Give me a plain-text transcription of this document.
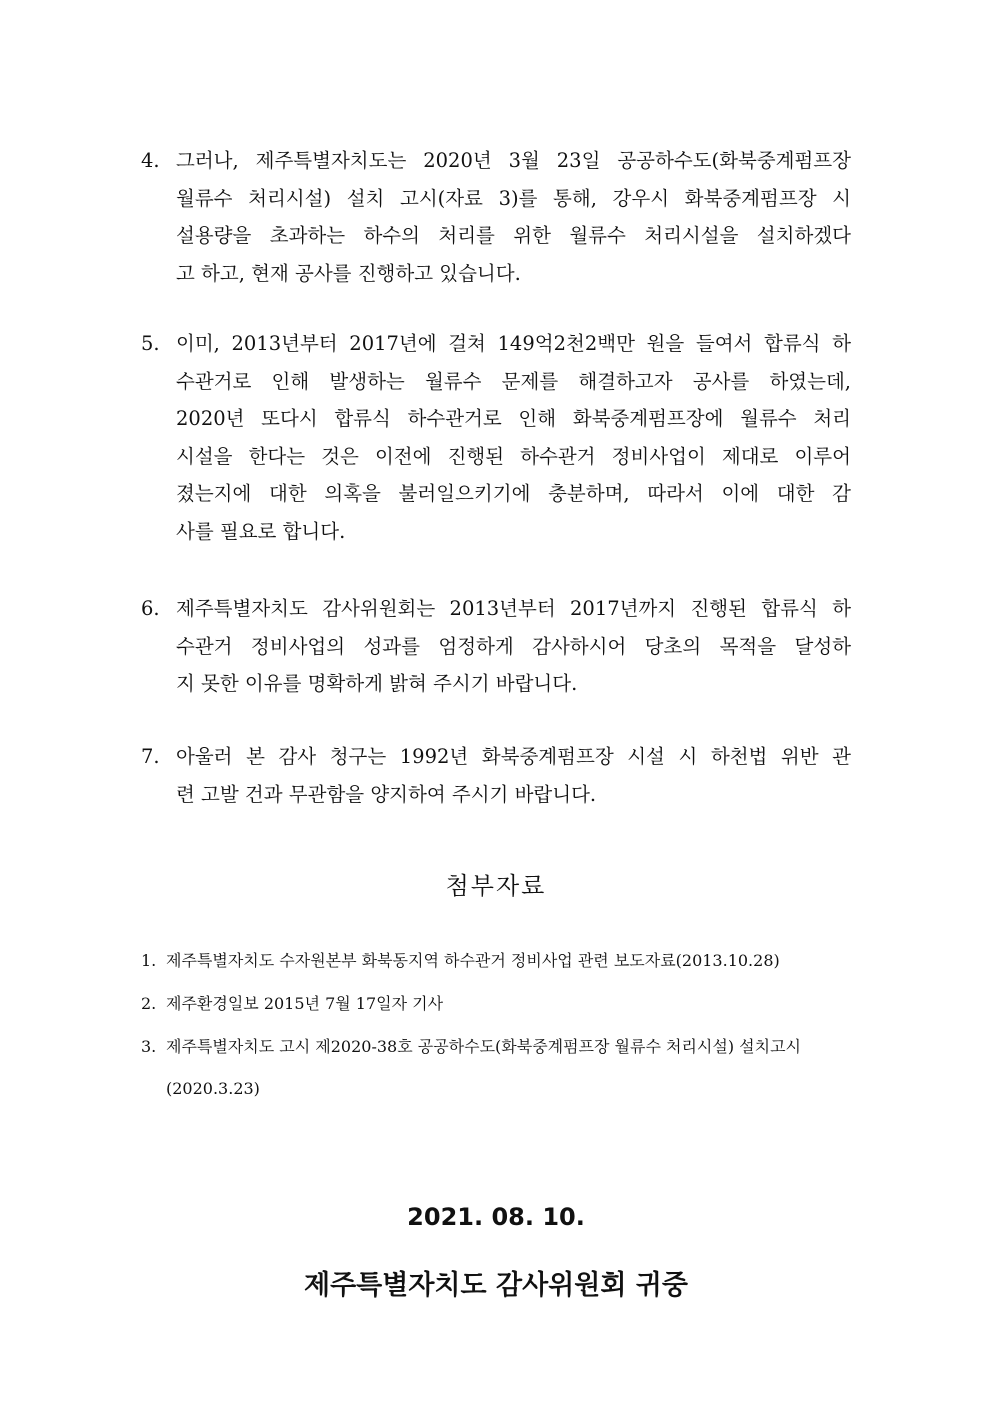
4. 그러나, 제주특별자치도는 2020년 3월 23일 공공하수도(화북중계펌프장
월류수 처리시설) 설치 고시(자료 3)를 통해, 강우시 화북중계펌프장 시
설용량을 초과하는 하수의 처리를 위한 월류수 처리시설을 설치하겠다
고 하고, 현재 공사를 진행하고 있습니다.
5. 이미, 2013년부터 2017년에 걸쳐 149억2천2백만 원을 들여서 합류식 하
수관거로 인해 발생하는 월류수 문제를 해결하고자 공사를 하였는데,
2020년 또다시 합류식 하수관거로 인해 화북중계펌프장에 월류수 처리
시설을 한다는 것은 이전에 진행된 하수관거 정비사업이 제대로 이루어
졌는지에 대한 의혹을 불러일으키기에 충분하며, 따라서 이에 대한 감
사를 필요로 합니다.
6. 제주특별자치도 감사위원회는 2013년부터 2017년까지 진행된 합류식 하
수관거 정비사업의 성과를 엄정하게 감사하시어 당초의 목적을 달성하
지 못한 이유를 명확하게 밝혀 주시기 바랍니다.
7. 아울러 본 감사 청구는 1992년 화북중계펌프장 시설 시 하천법 위반 관
련 고발 건과 무관함을 양지하여 주시기 바랍니다.
첨부자료
1. 제주특별자치도 수자원본부 화북동지역 하수관거 정비사업 관련 보도자료(2013.10.28)
2. 제주환경일보 2015년 7월 17일자 기사
3. 제주특별자치도 고시 제2020-38호 공공하수도(화북중계펌프장 월류수 처리시설) 설치고시
(2020.3.23)
2021. 08. 10.
제주특별자치도 감사위원회 귀중
